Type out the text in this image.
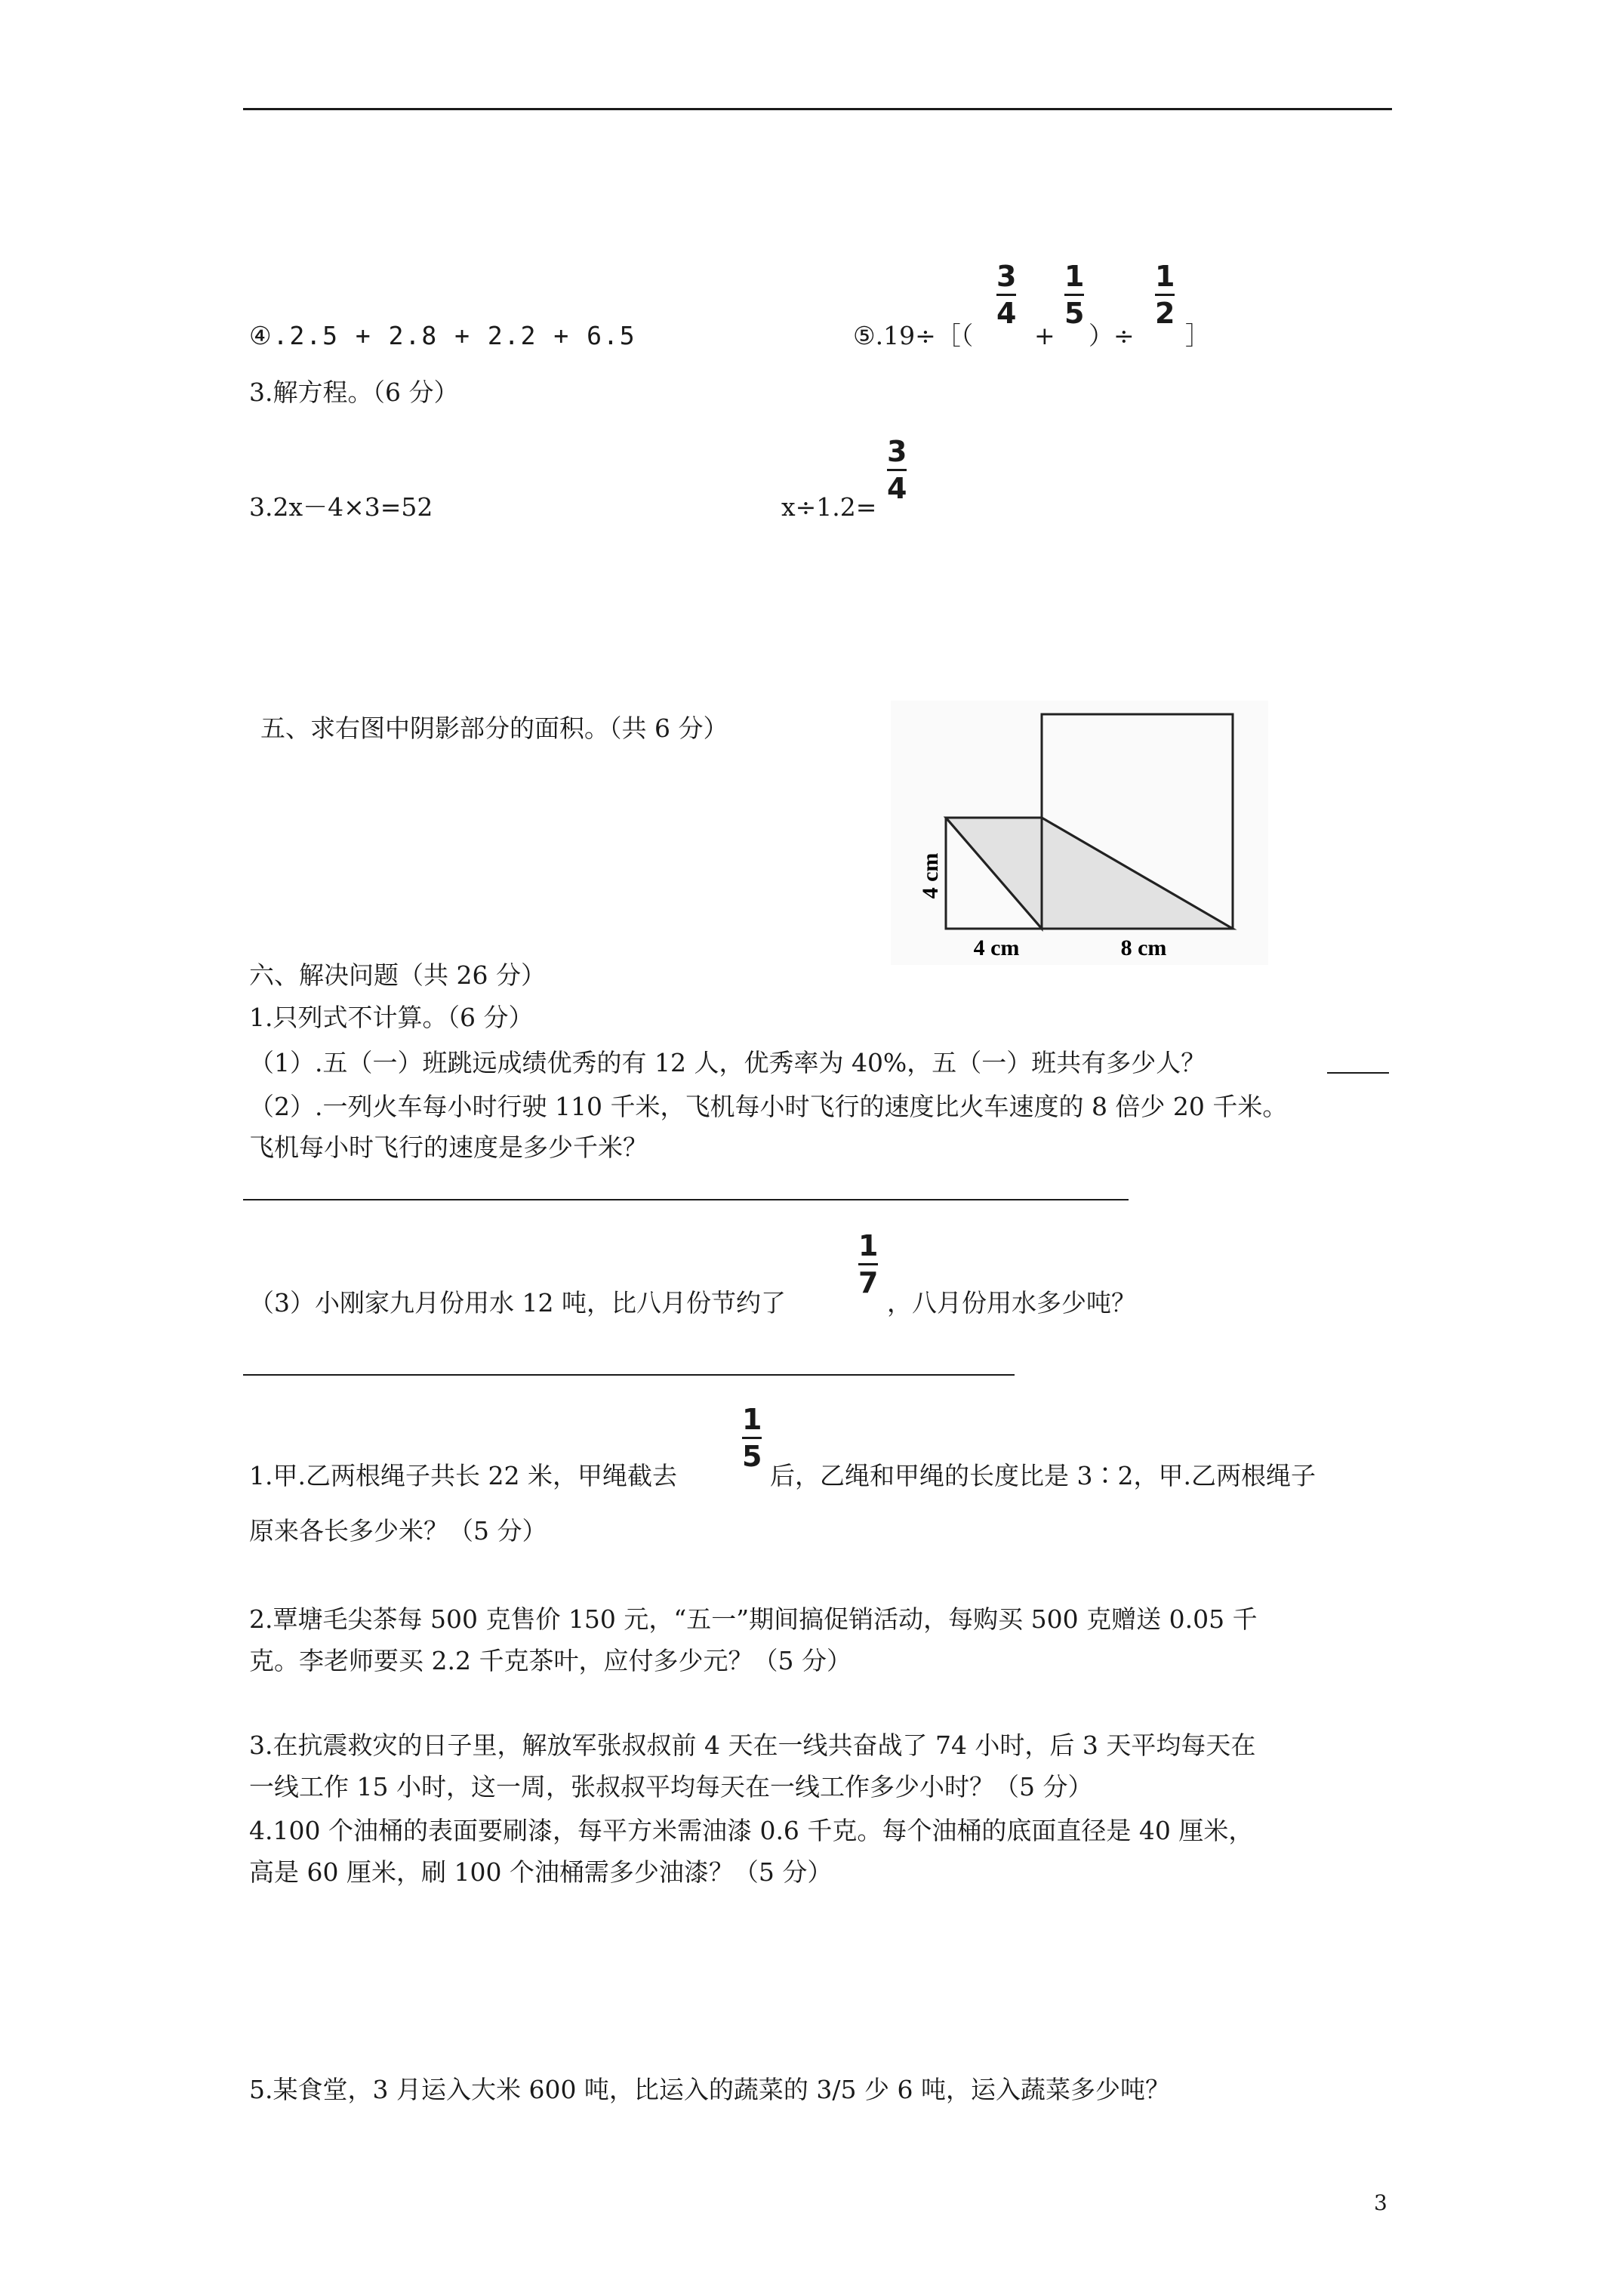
④.2.5 + 2.8 + 2.2 + 6.5	⑤.19÷［（
3
4
+
1
5
）÷
1
2
］
3.解方程。（6 分）
3.2x－4×3=52	x÷1.2=
3
4
五、求右图中阴影部分的面积。（共 6 分）
4 cm
4 cm	8 cm
六、解决问题（共 26 分）
1.只列式不计算。（6 分）
（1）.五（一）班跳远成绩优秀的有 12 人，优秀率为 40%，五（一）班共有多少人？
（2）.一列火车每小时行驶 110 千米，飞机每小时飞行的速度比火车速度的 8 倍少 20 千米。
飞机每小时飞行的速度是多少千米？
（3）小刚家九月份用水 12 吨，比八月份节约了
1
7
，八月份用水多少吨？
1.甲.乙两根绳子共长 22 米，甲绳截去
1
5
后，乙绳和甲绳的长度比是 3∶2，甲.乙两根绳子
原来各长多少米？（5 分）
2.覃塘毛尖茶每 500 克售价 150 元，“五一”期间搞促销活动，每购买 500 克赠送 0.05 千
克。李老师要买 2.2 千克茶叶，应付多少元？（5 分）
3.在抗震救灾的日子里，解放军张叔叔前 4 天在一线共奋战了 74 小时，后 3 天平均每天在
一线工作 15 小时，这一周，张叔叔平均每天在一线工作多少小时？（5 分）
4.100 个油桶的表面要刷漆，每平方米需油漆 0.6 千克。每个油桶的底面直径是 40 厘米，
高是 60 厘米，刷 100 个油桶需多少油漆？（5 分）
5.某食堂，3 月运入大米 600 吨，比运入的蔬菜的 3/5 少 6 吨，运入蔬菜多少吨？
3
